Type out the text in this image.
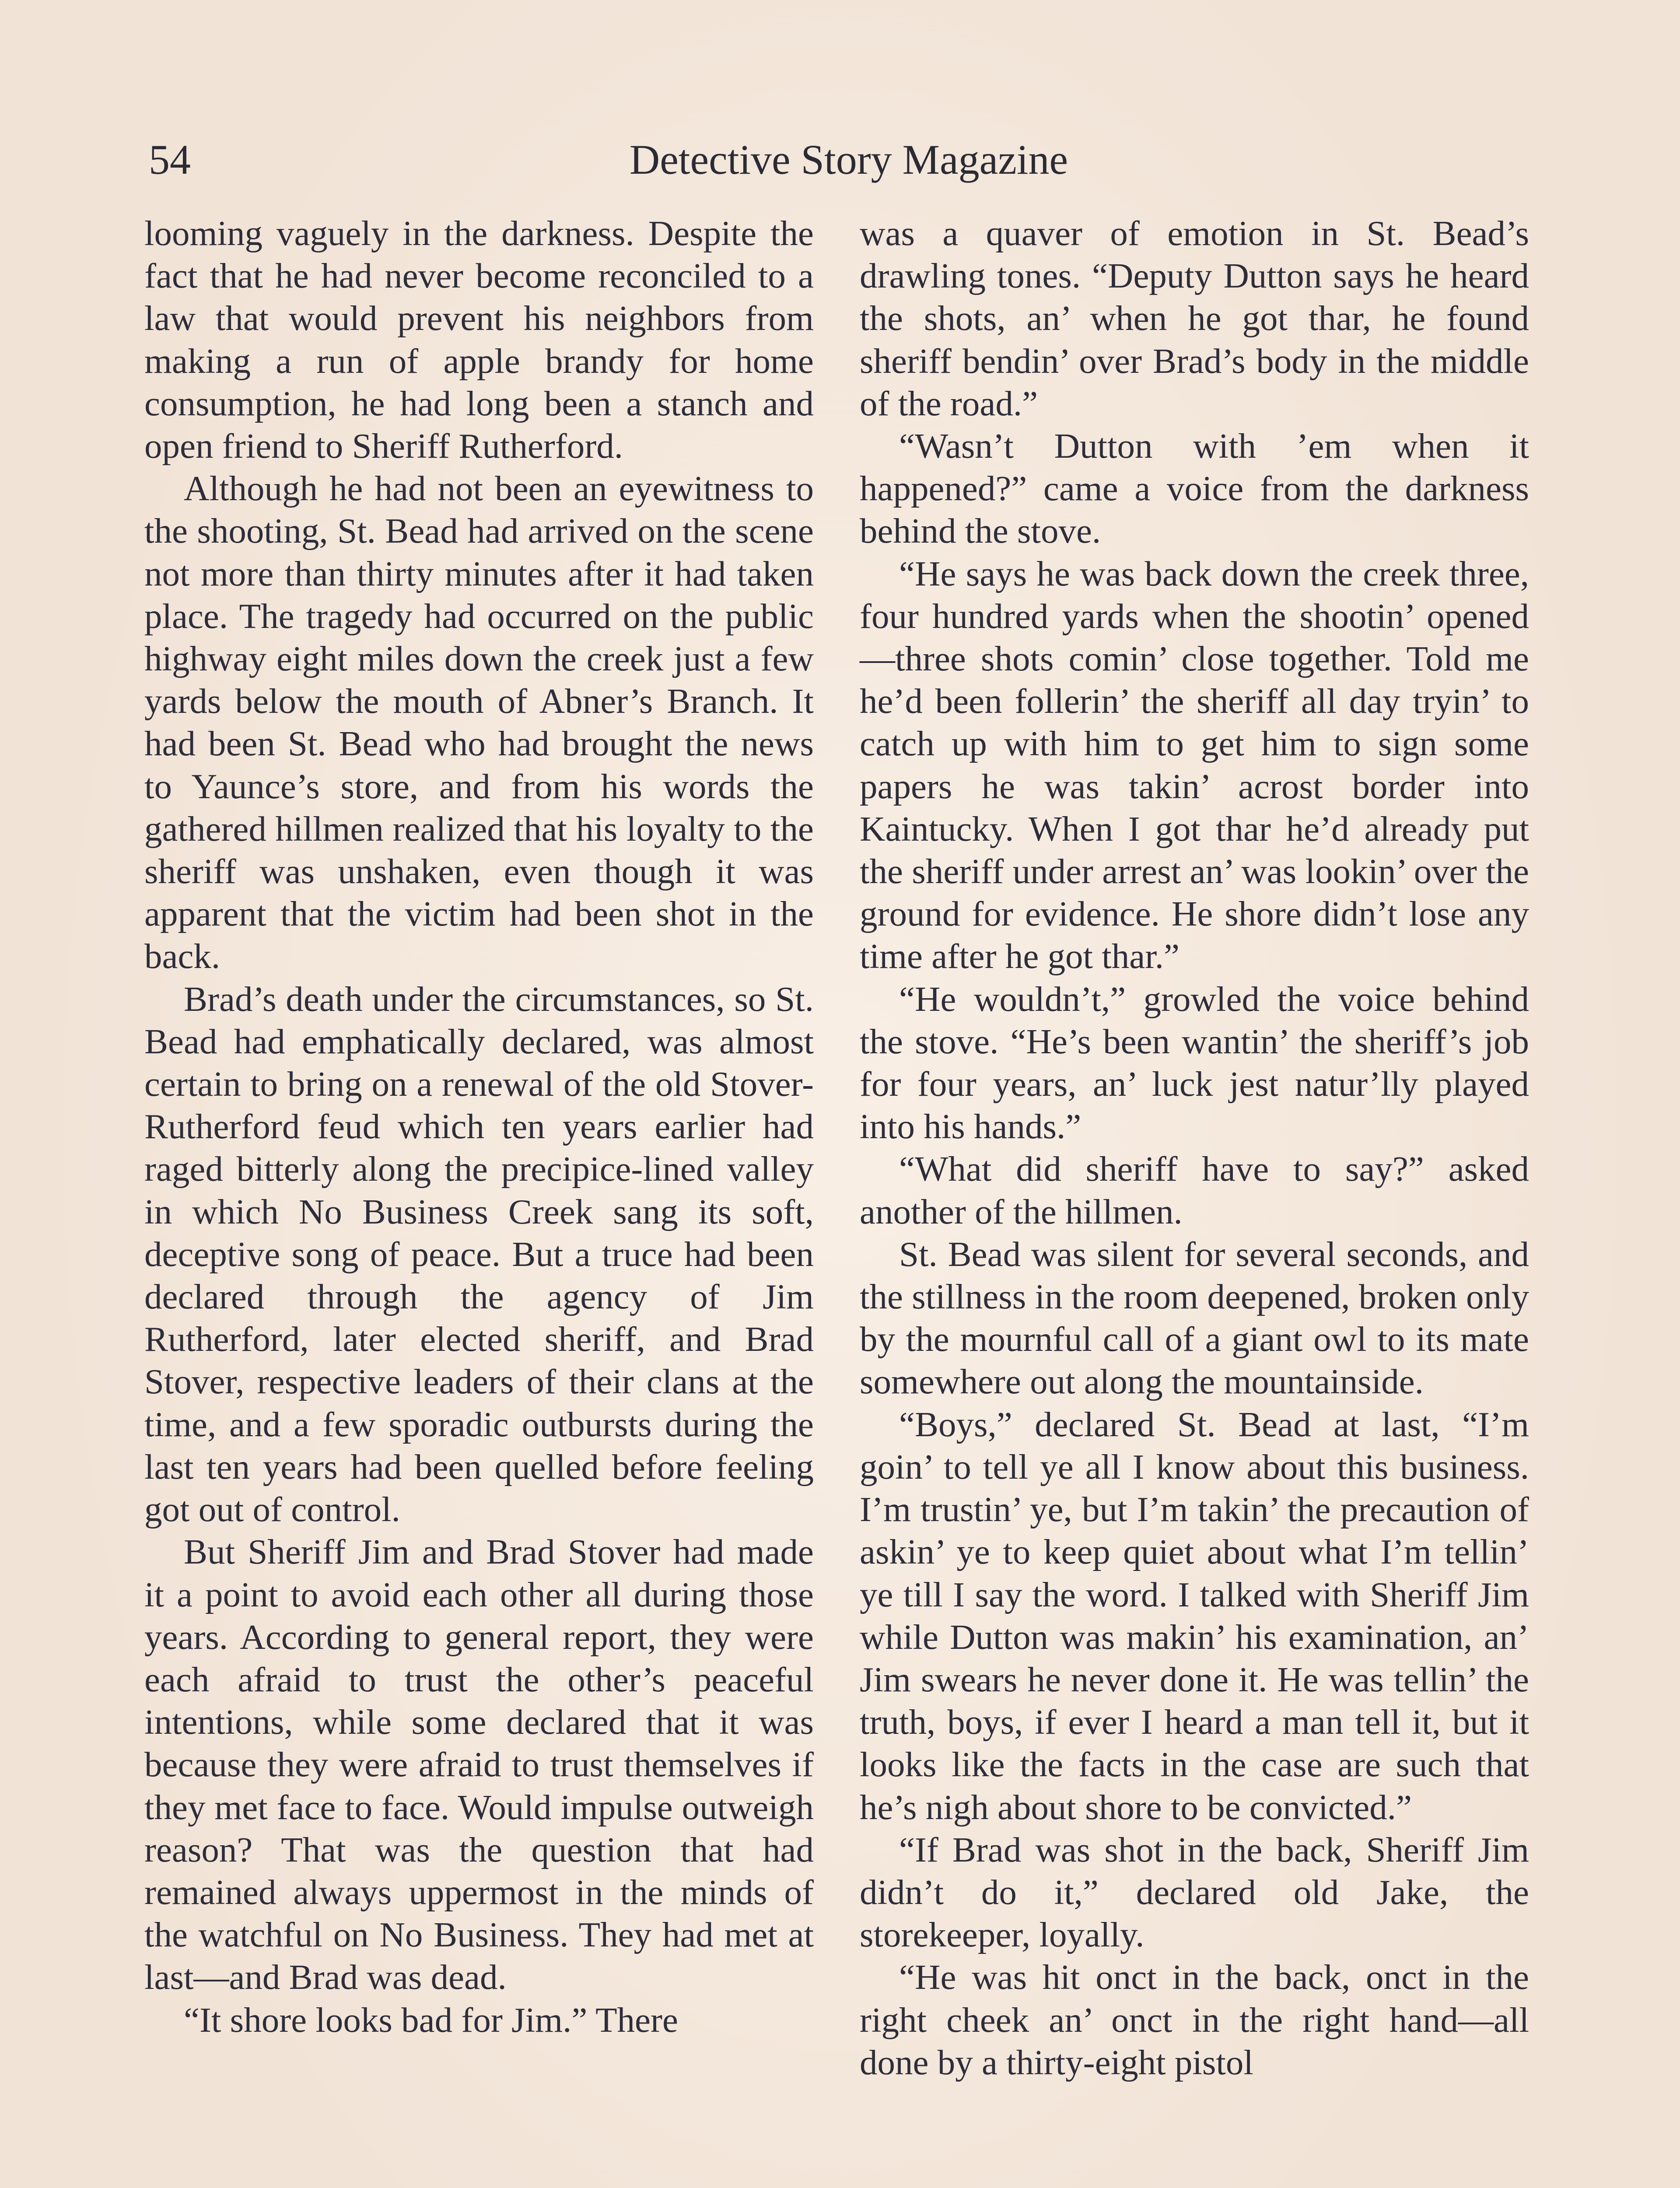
54	Detective Story Magazine

looming vaguely in the darkness. Despite the fact that he had never become reconciled to a law that would prevent his neighbors from making a run of apple brandy for home consumption, he had long been a stanch and open friend to Sheriff Rutherford.

Although he had not been an eyewitness to the shooting, St. Bead had arrived on the scene not more than thirty minutes after it had taken place. The tragedy had occurred on the public highway eight miles down the creek just a few yards below the mouth of Abner’s Branch. It had been St. Bead who had brought the news to Yaunce’s store, and from his words the gathered hillmen realized that his loyalty to the sheriff was unshaken, even though it was apparent that the victim had been shot in the back.

Brad’s death under the circumstances, so St. Bead had emphatically declared, was almost certain to bring on a renewal of the old Stover-Rutherford feud which ten years earlier had raged bitterly along the precipice-lined valley in which No Business Creek sang its soft, deceptive song of peace. But a truce had been declared through the agency of Jim Rutherford, later elected sheriff, and Brad Stover, respective leaders of their clans at the time, and a few sporadic outbursts during the last ten years had been quelled before feeling got out of control.

But Sheriff Jim and Brad Stover had made it a point to avoid each other all during those years. According to general report, they were each afraid to trust the other’s peaceful intentions, while some declared that it was because they were afraid to trust themselves if they met face to face. Would impulse outweigh reason? That was the question that had remained always uppermost in the minds of the watchful on No Business. They had met at last—and Brad was dead.

“It shore looks bad for Jim.” There

was a quaver of emotion in St. Bead’s drawling tones. “Deputy Dutton says he heard the shots, an’ when he got thar, he found sheriff bendin’ over Brad’s body in the middle of the road.”

“Wasn’t Dutton with ’em when it happened?” came a voice from the darkness behind the stove.

“He says he was back down the creek three, four hundred yards when the shootin’ opened—three shots comin’ close together. Told me he’d been follerin’ the sheriff all day tryin’ to catch up with him to get him to sign some papers he was takin’ acrost border into Kaintucky. When I got thar he’d already put the sheriff under arrest an’ was lookin’ over the ground for evidence. He shore didn’t lose any time after he got thar.”

“He wouldn’t,” growled the voice behind the stove. “He’s been wantin’ the sheriff’s job for four years, an’ luck jest natur’lly played into his hands.”

“What did sheriff have to say?” asked another of the hillmen.

St. Bead was silent for several seconds, and the stillness in the room deepened, broken only by the mournful call of a giant owl to its mate somewhere out along the mountainside.

“Boys,” declared St. Bead at last, “I’m goin’ to tell ye all I know about this business. I’m trustin’ ye, but I’m takin’ the precaution of askin’ ye to keep quiet about what I’m tellin’ ye till I say the word. I talked with Sheriff Jim while Dutton was makin’ his examination, an’ Jim swears he never done it. He was tellin’ the truth, boys, if ever I heard a man tell it, but it looks like the facts in the case are such that he’s nigh about shore to be convicted.”

“If Brad was shot in the back, Sheriff Jim didn’t do it,” declared old Jake, the storekeeper, loyally.

“He was hit onct in the back, onct in the right cheek an’ onct in the right hand—all done by a thirty-eight pistol
